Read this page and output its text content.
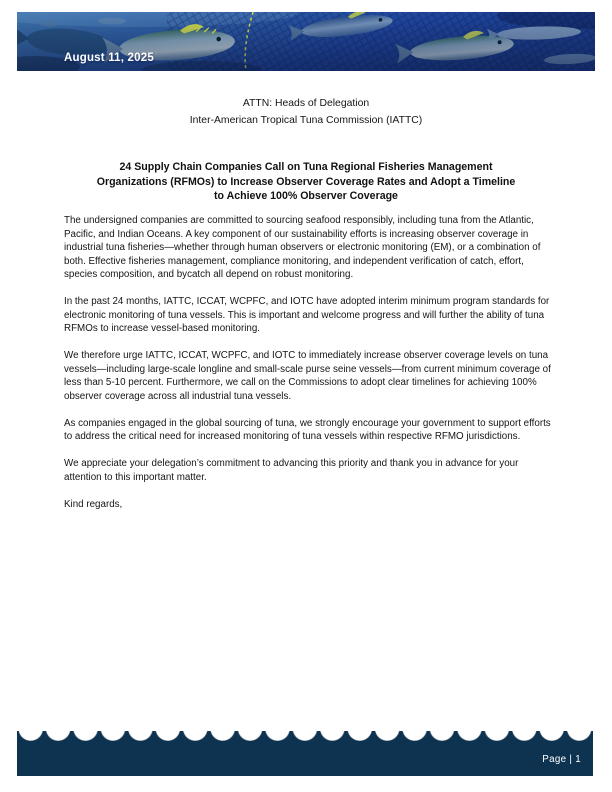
August 11, 2025
ATTN: Heads of Delegation
Inter-American Tropical Tuna Commission (IATTC)
24 Supply Chain Companies Call on Tuna Regional Fisheries Management
Organizations (RFMOs) to Increase Observer Coverage Rates and Adopt a Timeline
to Achieve 100% Observer Coverage

The undersigned companies are committed to sourcing seafood responsibly, including tuna from the Atlantic, Pacific, and Indian Oceans. A key component of our sustainability efforts is increasing observer coverage in industrial tuna fisheries—whether through human observers or electronic monitoring (EM), or a combination of both. Effective fisheries management, compliance monitoring, and independent verification of catch, effort, species composition, and bycatch all depend on robust monitoring.

In the past 24 months, IATTC, ICCAT, WCPFC, and IOTC have adopted interim minimum program standards for electronic monitoring of tuna vessels. This is important and welcome progress and will further the ability of tuna RFMOs to increase vessel-based monitoring.

We therefore urge IATTC, ICCAT, WCPFC, and IOTC to immediately increase observer coverage levels on tuna vessels—including large-scale longline and small-scale purse seine vessels—from current minimum coverage of less than 5-10 percent. Furthermore, we call on the Commissions to adopt clear timelines for achieving 100% observer coverage across all industrial tuna vessels.

As companies engaged in the global sourcing of tuna, we strongly encourage your government to support efforts to address the critical need for increased monitoring of tuna vessels within respective RFMO jurisdictions.

We appreciate your delegation’s commitment to advancing this priority and thank you in advance for your attention to this important matter.

Kind regards,

Page | 1
